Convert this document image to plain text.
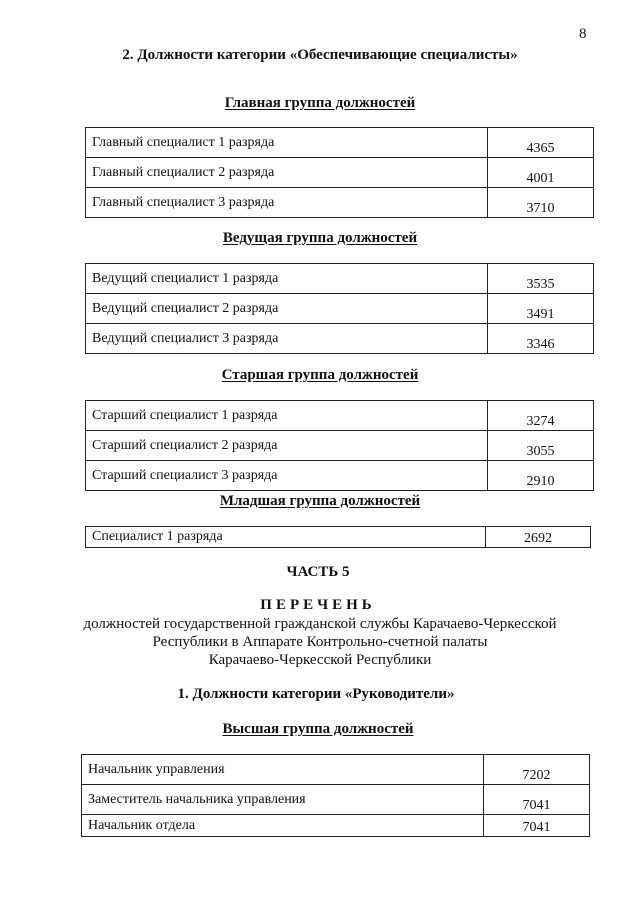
8
2. Должности категории «Обеспечивающие специалисты»
Главная группа должностей
Главный специалист 1 разряда	4365
Главный специалист 2 разряда	4001
Главный специалист 3 разряда	3710
Ведущая группа должностей
Ведущий специалист 1 разряда	3535
Ведущий специалист 2 разряда	3491
Ведущий специалист 3 разряда	3346
Старшая группа должностей
Старший специалист 1 разряда	3274
Старший специалист 2 разряда	3055
Старший специалист 3 разряда	2910
Младшая группа должностей
Специалист 1 разряда	2692
ЧАСТЬ 5
ПЕРЕЧЕНЬ
должностей государственной гражданской службы Карачаево-Черкесской
Республики в Аппарате Контрольно-счетной палаты
Карачаево-Черкесской Республики
1. Должности категории «Руководители»
Высшая группа должностей
Начальник управления	7202
Заместитель начальника управления	7041
Начальник отдела	7041
